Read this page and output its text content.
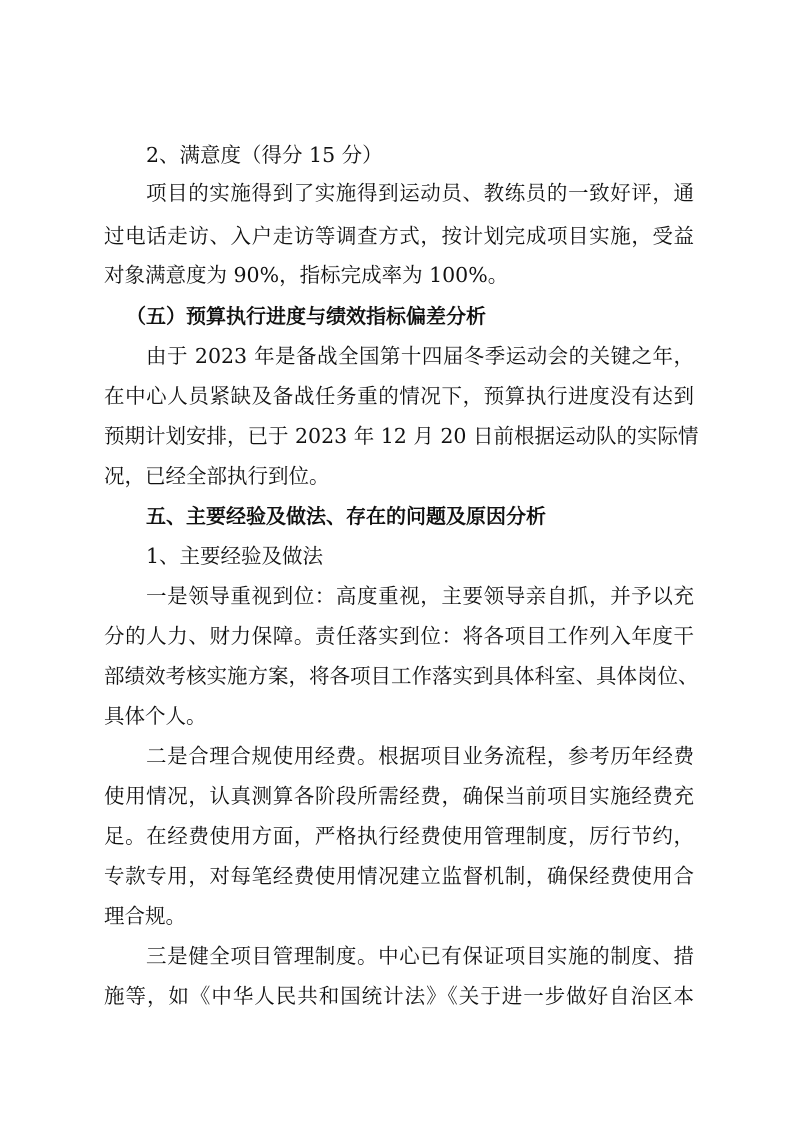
2、满意度（得分 15 分）
项目的实施得到了实施得到运动员、教练员的一致好评，通
过电话走访、入户走访等调查方式，按计划完成项目实施，受益
对象满意度为 90%，指标完成率为 100%。
（五）预算执行进度与绩效指标偏差分析
由于 2023 年是备战全国第十四届冬季运动会的关键之年，
在中心人员紧缺及备战任务重的情况下，预算执行进度没有达到
预期计划安排，已于 2023 年 12 月 20 日前根据运动队的实际情
况，已经全部执行到位。
五、主要经验及做法、存在的问题及原因分析
1、主要经验及做法
一是领导重视到位：高度重视，主要领导亲自抓，并予以充
分的人力、财力保障。责任落实到位：将各项目工作列入年度干
部绩效考核实施方案，将各项目工作落实到具体科室、具体岗位、
具体个人。
二是合理合规使用经费。根据项目业务流程，参考历年经费
使用情况，认真测算各阶段所需经费，确保当前项目实施经费充
足。在经费使用方面，严格执行经费使用管理制度，厉行节约，
专款专用，对每笔经费使用情况建立监督机制，确保经费使用合
理合规。
三是健全项目管理制度。中心已有保证项目实施的制度、措
施等，如《中华人民共和国统计法》《关于进一步做好自治区本
